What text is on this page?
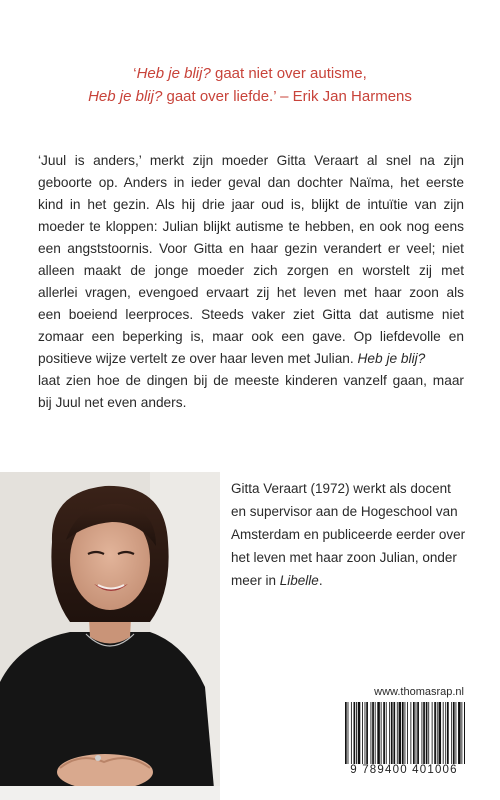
‘Heb je blij? gaat niet over autisme,
Heb je blij? gaat over liefde.’ – Erik Jan Harmens
‘Juul is anders,’ merkt zijn moeder Gitta Veraart al snel na zijn
geboorte op. Anders in ieder geval dan dochter Naïma, het eerste
kind in het gezin. Als hij drie jaar oud is, blijkt de intuïtie van zijn
moeder te kloppen: Julian blijkt autisme te hebben, en ook nog eens
een angststoornis. Voor Gitta en haar gezin verandert er veel; niet
alleen maakt de jonge moeder zich zorgen en worstelt zij met
allerlei vragen, evengoed ervaart zij het leven met haar zoon als
een boeiend leerproces. Steeds vaker ziet Gitta dat autisme niet
zomaar een beperking is, maar ook een gave. Op liefdevolle en
positieve wijze vertelt ze over haar leven met Julian. Heb je blij?
laat zien hoe de dingen bij de meeste kinderen vanzelf gaan, maar
bij Juul net even anders.
Gitta Veraart (1972) werkt als docent
en supervisor aan de Hogeschool van
Amsterdam en publiceerde eerder over
het leven met haar zoon Julian, onder
meer in Libelle.
www.thomasrap.nl
9 789400 401006
